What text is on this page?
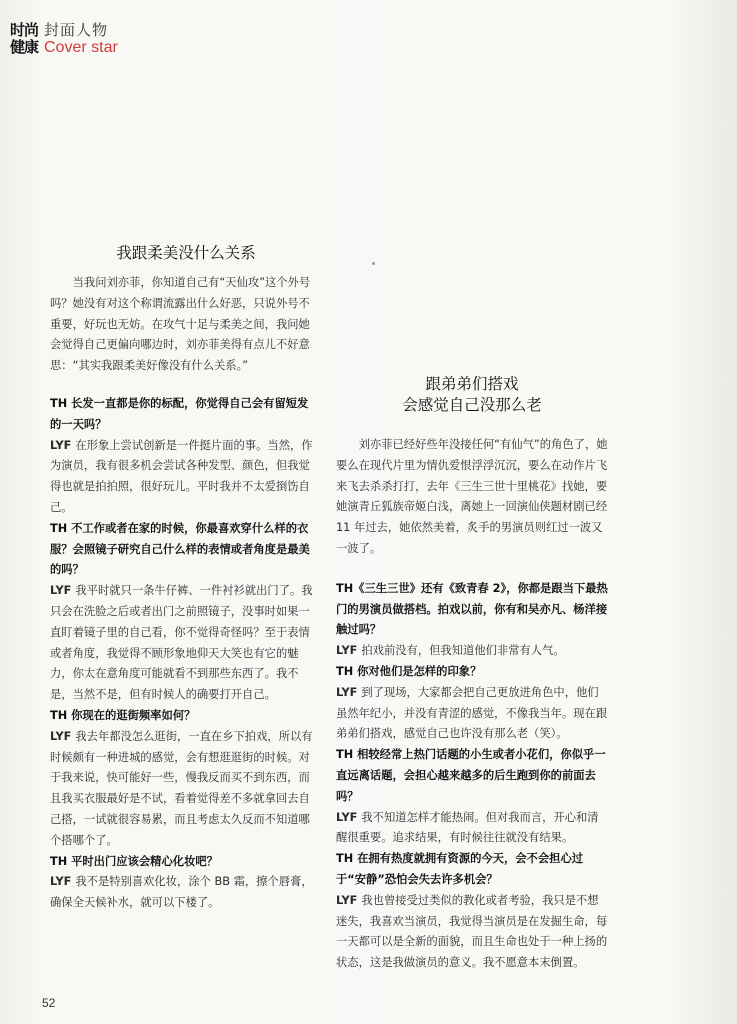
时尚
健康
封面人物
Cover star
我跟柔美没什么关系

当我问刘亦菲，你知道自己有“天仙攻”这个外号吗？她没有对这个称谓流露出什么好恶，只说外号不重要，好玩也无妨。在攻气十足与柔美之间，我问她会觉得自己更偏向哪边时，刘亦菲美得有点儿不好意思：“其实我跟柔美好像没有什么关系。”

TH 长发一直都是你的标配，你觉得自己会有留短发的一天吗？

LYF 在形象上尝试创新是一件挺片面的事。当然，作为演员，我有很多机会尝试各种发型、颜色，但我觉得也就是拍拍照，很好玩儿。平时我并不太爱捯饬自己。

TH 不工作或者在家的时候，你最喜欢穿什么样的衣服？会照镜子研究自己什么样的表情或者角度是最美的吗？

LYF 我平时就只一条牛仔裤、一件衬衫就出门了。我只会在洗脸之后或者出门之前照镜子，没事时如果一直盯着镜子里的自己看，你不觉得奇怪吗？至于表情或者角度，我觉得不顾形象地仰天大笑也有它的魅力，你太在意角度可能就看不到那些东西了。我不是，当然不是，但有时候人的确要打开自己。

TH 你现在的逛街频率如何？

LYF 我去年都没怎么逛街，一直在乡下拍戏，所以有时候颇有一种进城的感觉，会有想逛逛街的时候。对于我来说，快可能好一些，慢我反而买不到东西，而且我买衣服最好是不试，看着觉得差不多就拿回去自己搭，一试就很容易累，而且考虑太久反而不知道哪个搭哪个了。

TH 平时出门应该会精心化妆吧？

LYF 我不是特别喜欢化妆，涂个 BB 霜，擦个唇膏，确保全天候补水，就可以下楼了。

跟弟弟们搭戏
会感觉自己没那么老

刘亦菲已经好些年没接任何“有仙气”的角色了，她要么在现代片里为情仇爱恨浮浮沉沉，要么在动作片飞来飞去杀杀打打，去年《三生三世十里桃花》找她，要她演青丘狐族帝姬白浅，离她上一回演仙侠题材剧已经 11 年过去，她依然美着，炙手的男演员则红过一波又一波了。

TH《三生三世》还有《致青春 2》，你都是跟当下最热门的男演员做搭档。拍戏以前，你有和吴亦凡、杨洋接触过吗？

LYF 拍戏前没有，但我知道他们非常有人气。

TH 你对他们是怎样的印象？

LYF 到了现场，大家都会把自己更放进角色中，他们虽然年纪小，并没有青涩的感觉，不像我当年。现在跟弟弟们搭戏，感觉自己也许没有那么老（笑）。

TH 相较经常上热门话题的小生或者小花们，你似乎一直远离话题，会担心越来越多的后生跑到你的前面去吗？

LYF 我不知道怎样才能热闹。但对我而言，开心和清醒很重要。追求结果，有时候往往就没有结果。

TH 在拥有热度就拥有资源的今天，会不会担心过于“安静”恐怕会失去许多机会？

LYF 我也曾接受过类似的教化或者考验，我只是不想迷失，我喜欢当演员，我觉得当演员是在发掘生命，每一天都可以是全新的面貌，而且生命也处于一种上扬的状态，这是我做演员的意义。我不愿意本末倒置。

52
